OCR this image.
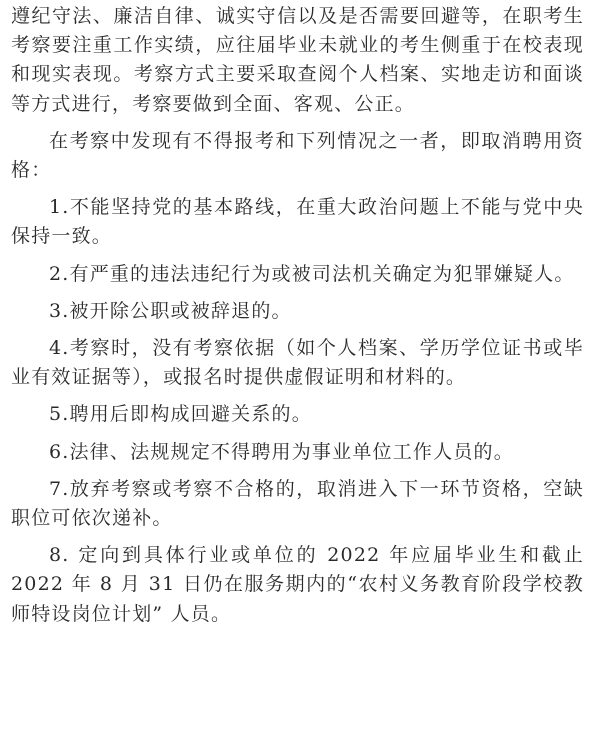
遵纪守法、廉洁自律、诚实守信以及是否需要回避等，在职考生考察要注重工作实绩，应往届毕业未就业的考生侧重于在校表现和现实表现。考察方式主要采取查阅个人档案、实地走访和面谈等方式进行，考察要做到全面、客观、公正。

在考察中发现有不得报考和下列情况之一者，即取消聘用资格：

1.不能坚持党的基本路线，在重大政治问题上不能与党中央保持一致。

2.有严重的违法违纪行为或被司法机关确定为犯罪嫌疑人。

3.被开除公职或被辞退的。

4.考察时，没有考察依据（如个人档案、学历学位证书或毕业有效证据等），或报名时提供虚假证明和材料的。

5.聘用后即构成回避关系的。

6.法律、法规规定不得聘用为事业单位工作人员的。

7.放弃考察或考察不合格的，取消进入下一环节资格，空缺职位可依次递补。

8. 定向到具体行业或单位的 2022 年应届毕业生和截止 2022 年 8 月 31 日仍在服务期内的“农村义务教育阶段学校教师特设岗位计划” 人员。
